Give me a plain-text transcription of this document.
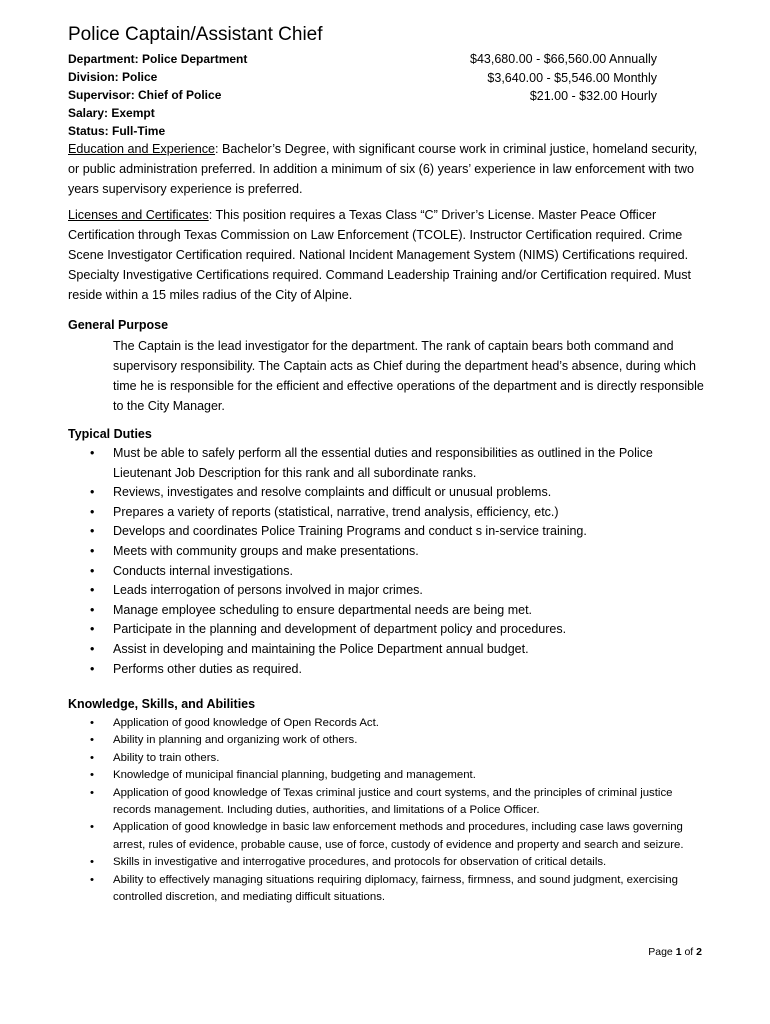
Police Captain/Assistant Chief
Department: Police Department
Division: Police
Supervisor: Chief of Police
Salary: Exempt
Status: Full-Time
$43,680.00 - $66,560.00 Annually
$3,640.00 - $5,546.00 Monthly
$21.00 - $32.00 Hourly

Education and Experience: Bachelor’s Degree, with significant course work in criminal justice, homeland security, or public administration preferred. In addition a minimum of six (6) years’ experience in law enforcement with two years supervisory experience is preferred.

Licenses and Certificates: This position requires a Texas Class “C” Driver’s License. Master Peace Officer Certification through Texas Commission on Law Enforcement (TCOLE). Instructor Certification required. Crime Scene Investigator Certification required. National Incident Management System (NIMS) Certifications required. Specialty Investigative Certifications required. Command Leadership Training and/or Certification required. Must reside within a 15 miles radius of the City of Alpine.

General Purpose

The Captain is the lead investigator for the department. The rank of captain bears both command and supervisory responsibility. The Captain acts as Chief during the department head’s absence, during which time he is responsible for the efficient and effective operations of the department and is directly responsible to the City Manager.

Typical Duties
• Must be able to safely perform all the essential duties and responsibilities as outlined in the Police Lieutenant Job Description for this rank and all subordinate ranks.
• Reviews, investigates and resolve complaints and difficult or unusual problems.
• Prepares a variety of reports (statistical, narrative, trend analysis, efficiency, etc.)
• Develops and coordinates Police Training Programs and conduct s in-service training.
• Meets with community groups and make presentations.
• Conducts internal investigations.
• Leads interrogation of persons involved in major crimes.
• Manage employee scheduling to ensure departmental needs are being met.
• Participate in the planning and development of department policy and procedures.
• Assist in developing and maintaining the Police Department annual budget.
• Performs other duties as required.
Knowledge, Skills, and Abilities
• Application of good knowledge of Open Records Act.
• Ability in planning and organizing work of others.
• Ability to train others.
• Knowledge of municipal financial planning, budgeting and management.
• Application of good knowledge of Texas criminal justice and court systems, and the principles of criminal justice records management. Including duties, authorities, and limitations of a Police Officer.
• Application of good knowledge in basic law enforcement methods and procedures, including case laws governing arrest, rules of evidence, probable cause, use of force, custody of evidence and property and search and seizure.
• Skills in investigative and interrogative procedures, and protocols for observation of critical details.
• Ability to effectively managing situations requiring diplomacy, fairness, firmness, and sound judgment, exercising controlled discretion, and mediating difficult situations.
Page 1 of 2
